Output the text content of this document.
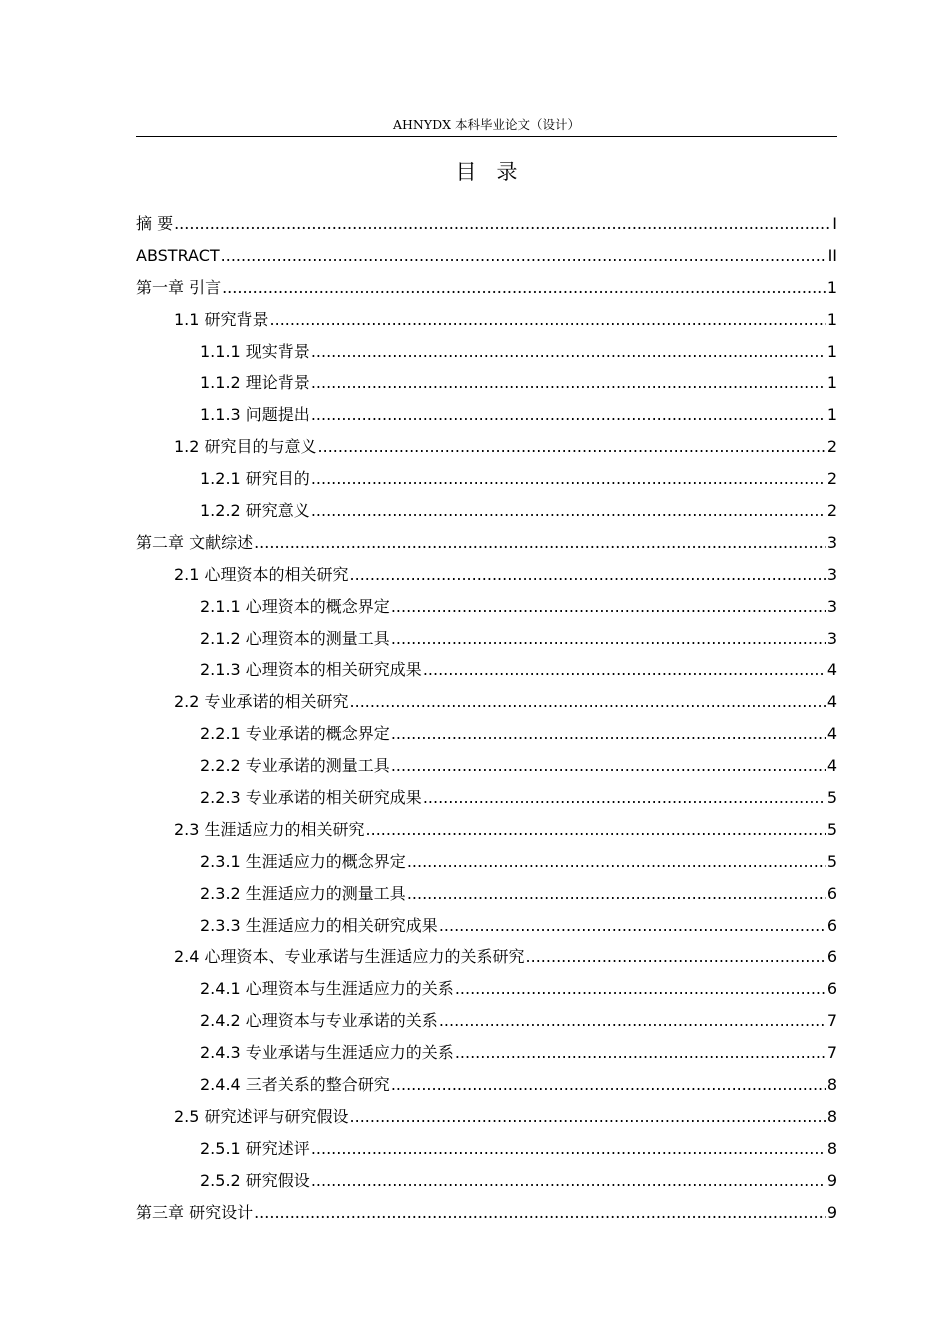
AHNYDX 本科毕业论文（设计）
目录
摘 要 .....	I
ABSTRACT .....	II
第一章 引言 .....	1
1.1 研究背景 .....	1
1.1.1 现实背景 .....	1
1.1.2 理论背景 .....	1
1.1.3 问题提出 .....	1
1.2 研究目的与意义 .....	2
1.2.1 研究目的 .....	2
1.2.2 研究意义 .....	2
第二章 文献综述 .....	3
2.1 心理资本的相关研究 .....	3
2.1.1 心理资本的概念界定 .....	3
2.1.2 心理资本的测量工具 .....	3
2.1.3 心理资本的相关研究成果 .....	4
2.2 专业承诺的相关研究 .....	4
2.2.1 专业承诺的概念界定 .....	4
2.2.2 专业承诺的测量工具 .....	4
2.2.3 专业承诺的相关研究成果 .....	5
2.3 生涯适应力的相关研究 .....	5
2.3.1 生涯适应力的概念界定 .....	5
2.3.2 生涯适应力的测量工具 .....	6
2.3.3 生涯适应力的相关研究成果 .....	6
2.4 心理资本、专业承诺与生涯适应力的关系研究 .....	6
2.4.1 心理资本与生涯适应力的关系 .....	6
2.4.2 心理资本与专业承诺的关系 .....	7
2.4.3 专业承诺与生涯适应力的关系 .....	7
2.4.4 三者关系的整合研究 .....	8
2.5 研究述评与研究假设 .....	8
2.5.1 研究述评 .....	8
2.5.2 研究假设 .....	9
第三章 研究设计 .....	9
